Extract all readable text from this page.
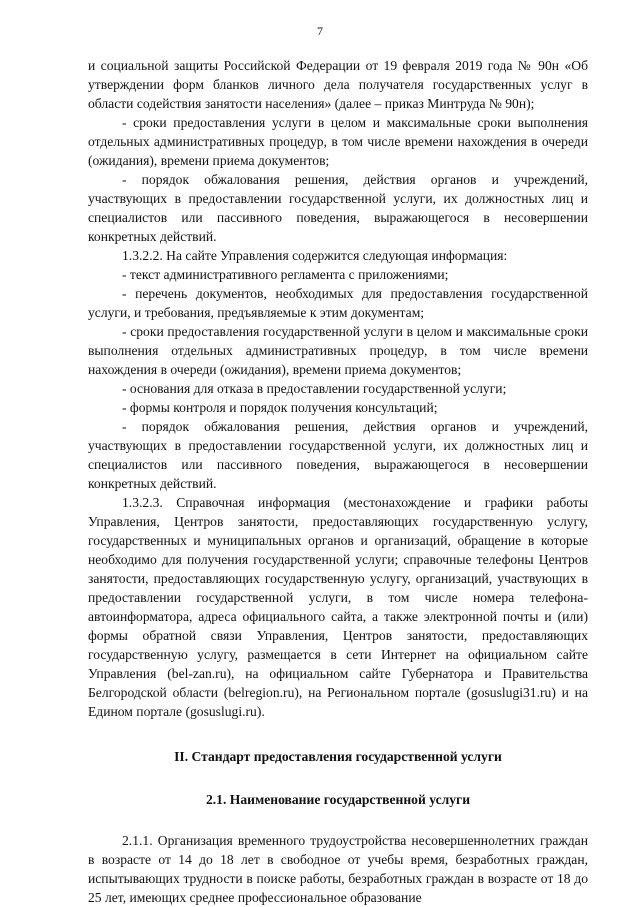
7

и социальной защиты Российской Федерации от 19 февраля 2019 года № 90н «Об утверждении форм бланков личного дела получателя государственных услуг в области содействия занятости населения» (далее – приказ Минтруда № 90н);

- сроки предоставления услуги в целом и максимальные сроки выполнения отдельных административных процедур, в том числе времени нахождения в очереди (ожидания), времени приема документов;

- порядок обжалования решения, действия органов и учреждений, участвующих в предоставлении государственной услуги, их должностных лиц и специалистов или пассивного поведения, выражающегося в несовершении конкретных действий.

1.3.2.2. На сайте Управления содержится следующая информация:

- текст административного регламента с приложениями;

- перечень документов, необходимых для предоставления государственной услуги, и требования, предъявляемые к этим документам;

- сроки предоставления государственной услуги в целом и максимальные сроки выполнения отдельных административных процедур, в том числе времени нахождения в очереди (ожидания), времени приема документов;

- основания для отказа в предоставлении государственной услуги;

- формы контроля и порядок получения консультаций;

- порядок обжалования решения, действия органов и учреждений, участвующих в предоставлении государственной услуги, их должностных лиц и специалистов или пассивного поведения, выражающегося в несовершении конкретных действий.

1.3.2.3. Справочная информация (местонахождение и графики работы Управления, Центров занятости, предоставляющих государственную услугу, государственных и муниципальных органов и организаций, обращение в которые необходимо для получения государственной услуги; справочные телефоны Центров занятости, предоставляющих государственную услугу, организаций, участвующих в предоставлении государственной услуги, в том числе номера телефона-автоинформатора, адреса официального сайта, а также электронной почты и (или) формы обратной связи Управления, Центров занятости, предоставляющих государственную услугу, размещается в сети Интернет на официальном сайте Управления (bel-zan.ru), на официальном сайте Губернатора и Правительства Белгородской области (belregion.ru), на Региональном портале (gosuslugi31.ru) и на Едином портале (gosuslugi.ru).

II. Стандарт предоставления государственной услуги

2.1. Наименование государственной услуги

2.1.1. Организация временного трудоустройства несовершеннолетних граждан в возрасте от 14 до 18 лет в свободное от учебы время, безработных граждан, испытывающих трудности в поиске работы, безработных граждан в возрасте от 18 до 25 лет, имеющих среднее профессиональное образование
